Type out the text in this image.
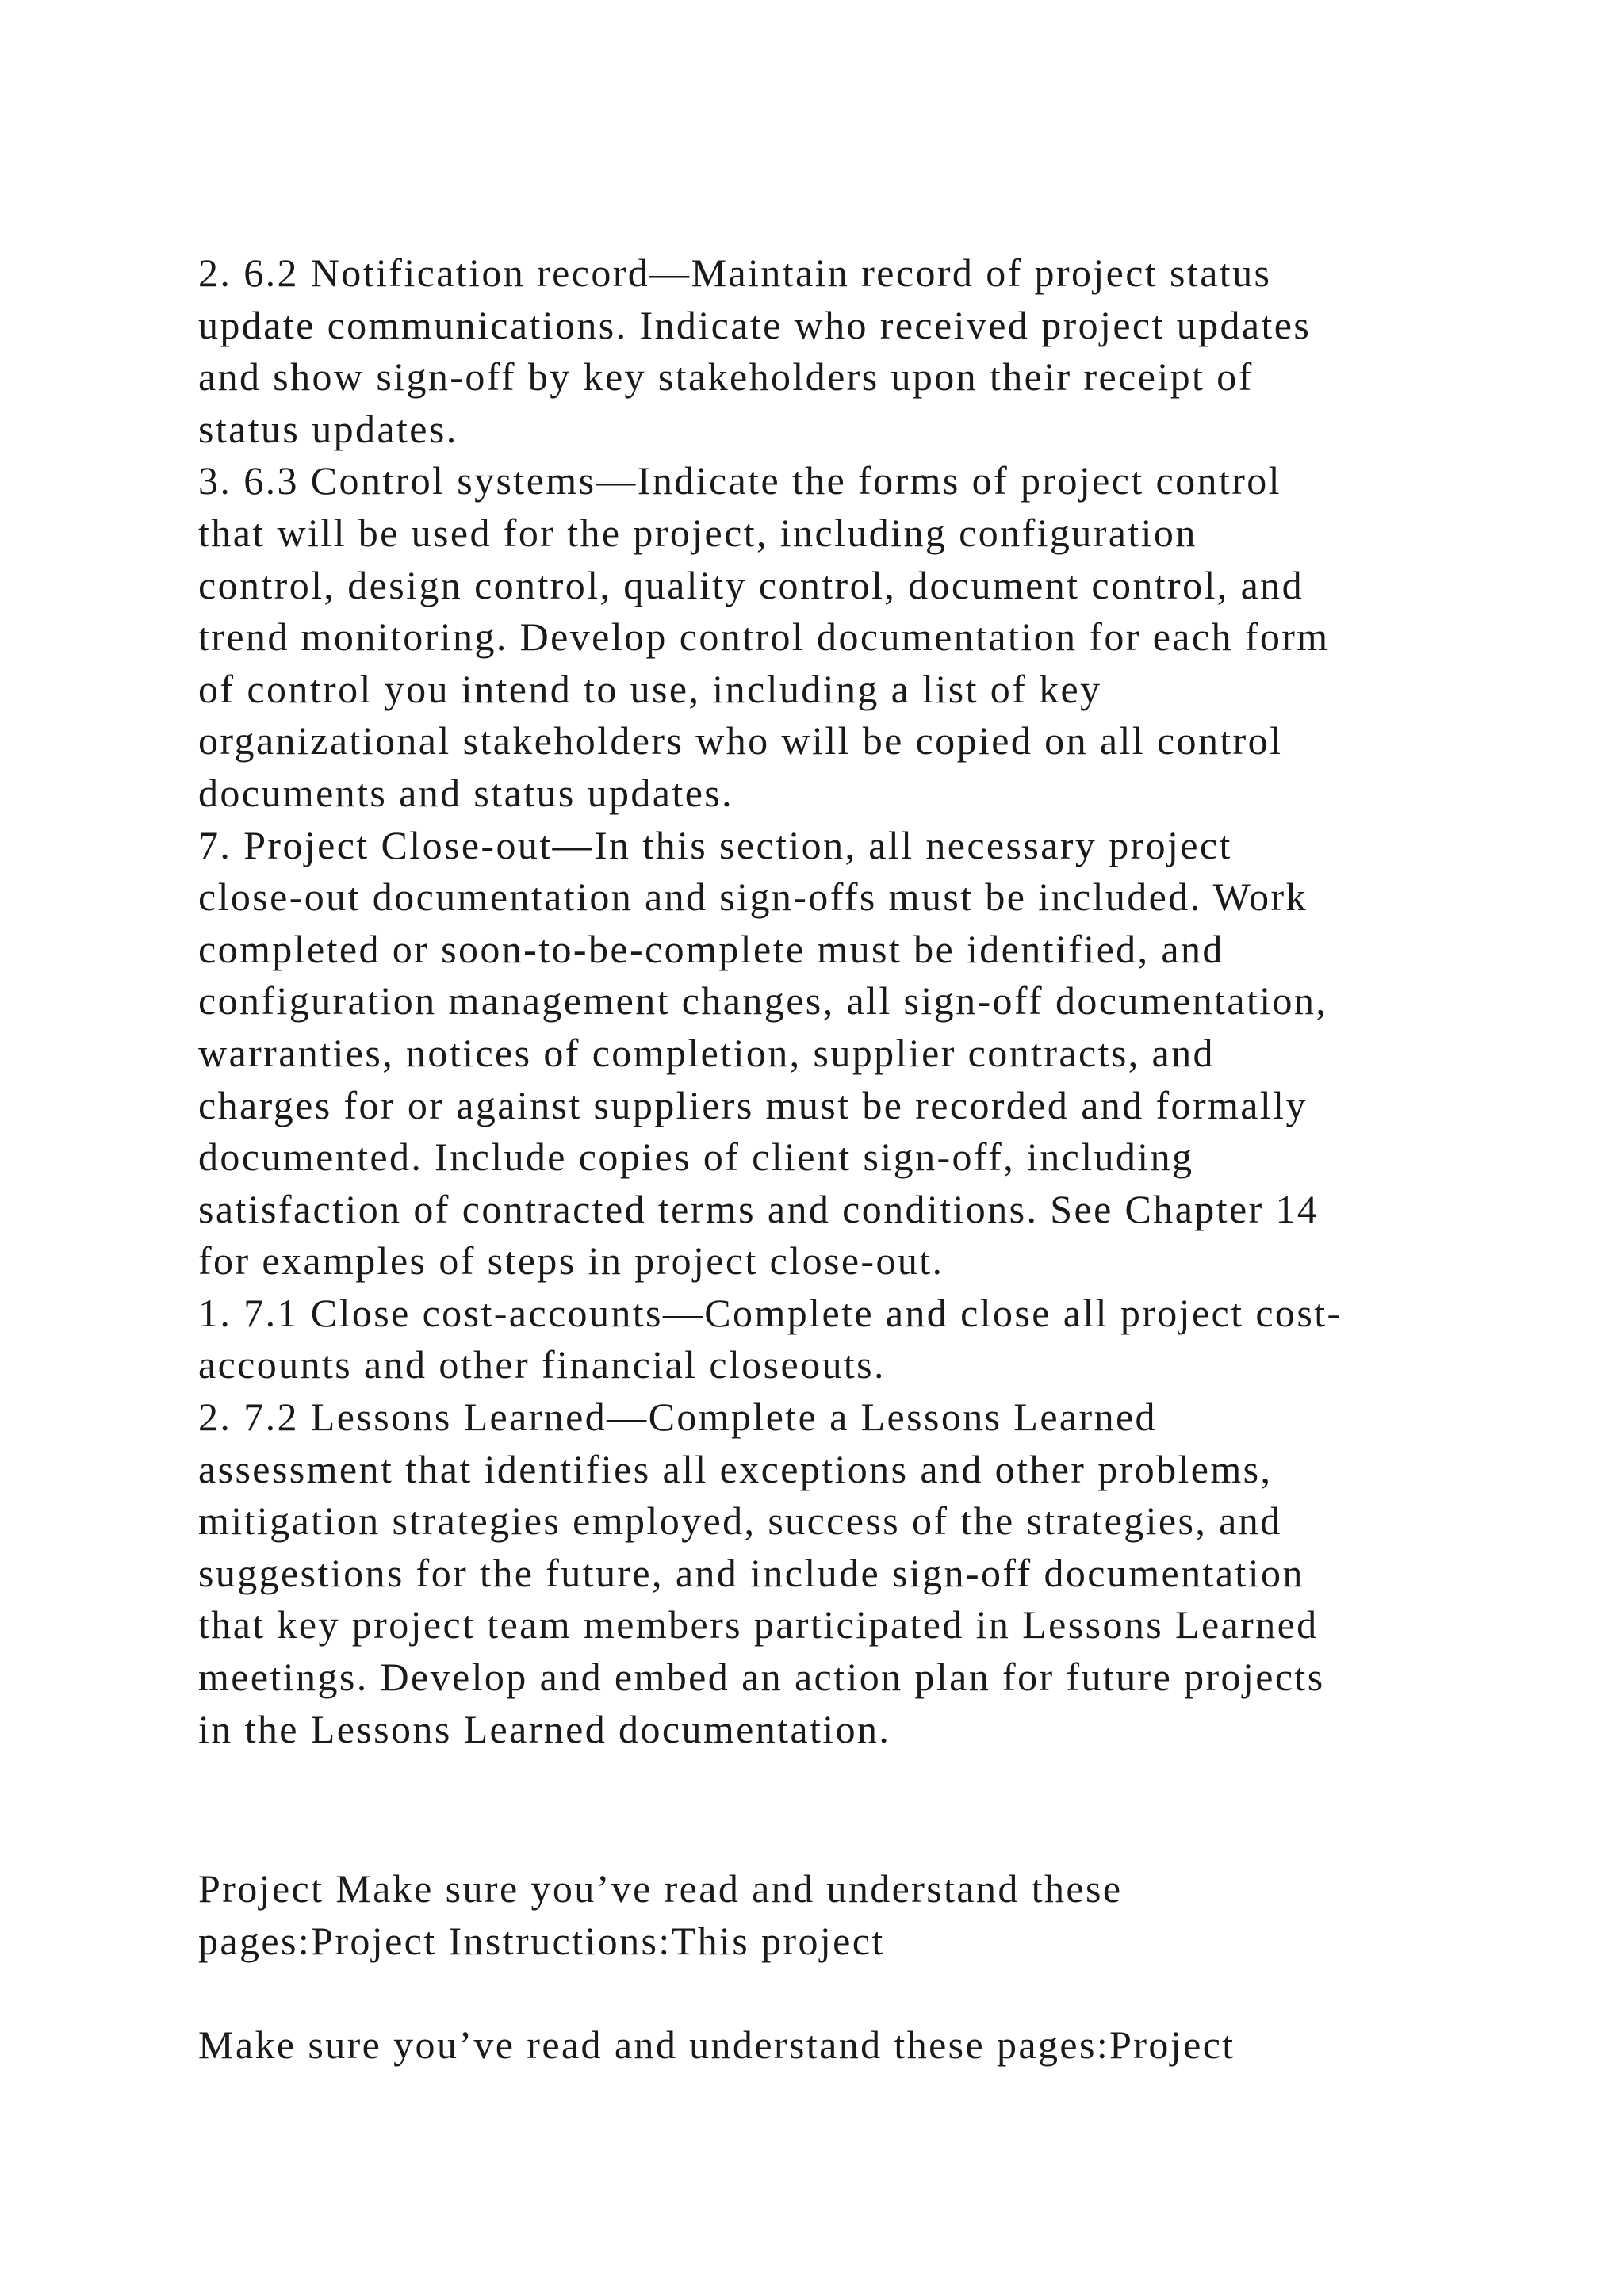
2. 6.2 Notification record—Maintain record of project status
update communications. Indicate who received project updates
and show sign-off by key stakeholders upon their receipt of
status updates.
3. 6.3 Control systems—Indicate the forms of project control
that will be used for the project, including configuration
control, design control, quality control, document control, and
trend monitoring. Develop control documentation for each form
of control you intend to use, including a list of key
organizational stakeholders who will be copied on all control
documents and status updates.
7. Project Close-out—In this section, all necessary project
close-out documentation and sign-offs must be included. Work
completed or soon-to-be-complete must be identified, and
configuration management changes, all sign-off documentation,
warranties, notices of completion, supplier contracts, and
charges for or against suppliers must be recorded and formally
documented. Include copies of client sign-off, including
satisfaction of contracted terms and conditions. See Chapter 14
for examples of steps in project close-out.
1. 7.1 Close cost-accounts—Complete and close all project cost-
accounts and other financial closeouts.
2. 7.2 Lessons Learned—Complete a Lessons Learned
assessment that identifies all exceptions and other problems,
mitigation strategies employed, success of the strategies, and
suggestions for the future, and include sign-off documentation
that key project team members participated in Lessons Learned
meetings. Develop and embed an action plan for future projects
in the Lessons Learned documentation.
Project Make sure you’ve read and understand these
pages:Project Instructions:This project
Make sure you’ve read and understand these pages:Project
